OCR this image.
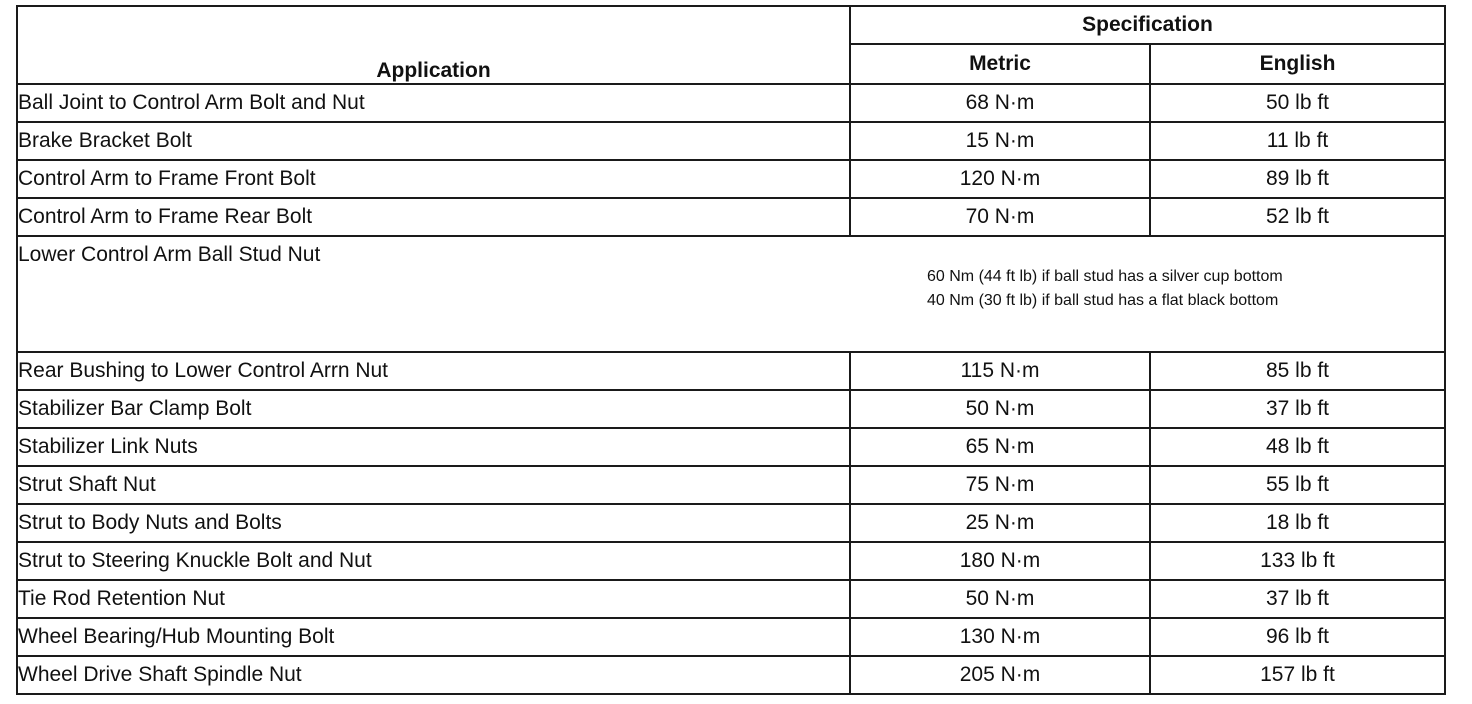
Application	Specification	
	Metric	English
Ball Joint to Control Arm Bolt and Nut	68 N·m	50 lb ft
Brake Bracket Bolt	15 N·m	11 lb ft
Control Arm to Frame Front Bolt	120 N·m	89 lb ft
Control Arm to Frame Rear Bolt	70 N·m	52 lb ft

Lower Control Arm Ball Stud Nut
60 Nm (44 ft lb) if ball stud has a silver cup bottom
40 Nm (30 ft lb) if ball stud has a flat black bottom		

Rear Bushing to Lower Control Arrn Nut	115 N·m	85 lb ft
Stabilizer Bar Clamp Bolt	50 N·m	37 lb ft
Stabilizer Link Nuts	65 N·m	48 lb ft
Strut Shaft Nut	75 N·m	55 lb ft
Strut to Body Nuts and Bolts	25 N·m	18 lb ft
Strut to Steering Knuckle Bolt and Nut	180 N·m	133 lb ft
Tie Rod Retention Nut	50 N·m	37 lb ft
Wheel Bearing/Hub Mounting Bolt	130 N·m	96 lb ft
Wheel Drive Shaft Spindle Nut	205 N·m	157 lb ft
